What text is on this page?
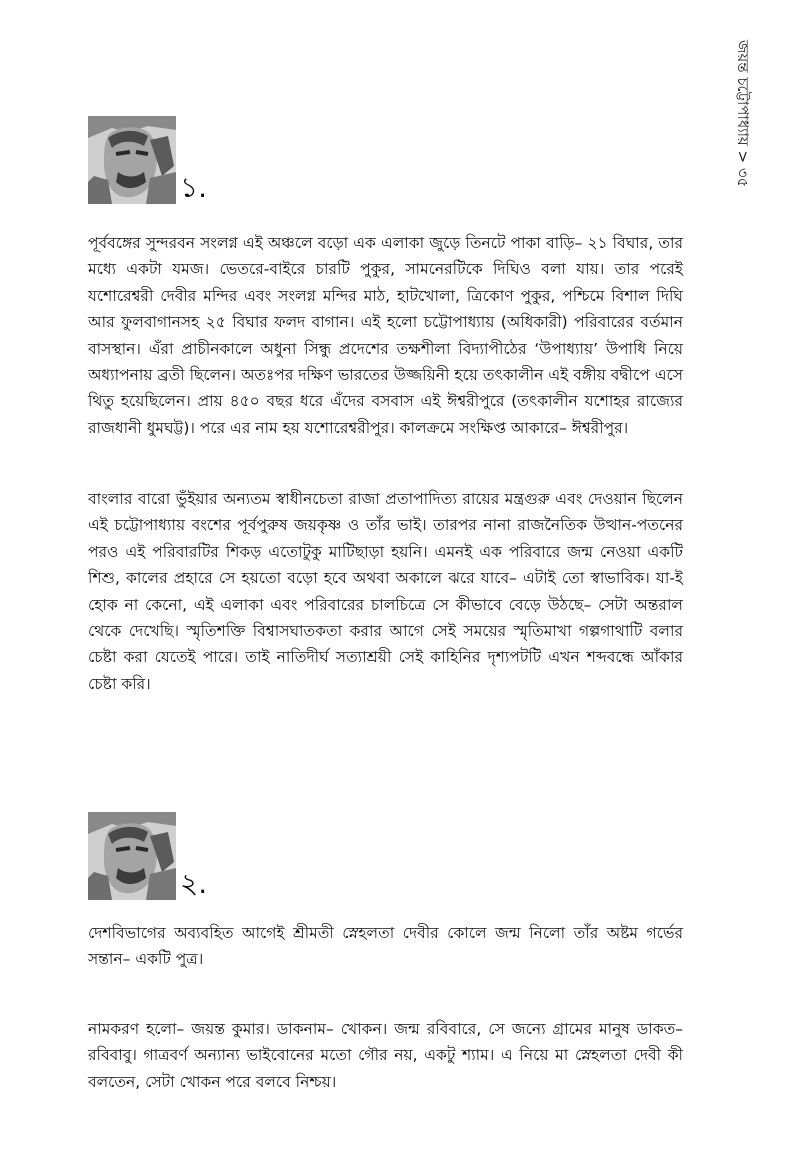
জয়ন্ত চট্টোপাধ্যায় > ৩৫
১.

পূর্ববঙ্গের সুন্দরবন সংলগ্ন এই অঞ্চলে বড়ো এক এলাকা জুড়ে তিনটে পাকা বাড়ি– ২১ বিঘার, তার মধ্যে একটা যমজ। ভেতরে-বাইরে চারটি পুকুর, সামনেরটিকে দিঘিও বলা যায়। তার পরেই যশোরেশ্বরী দেবীর মন্দির এবং সংলগ্ন মন্দির মাঠ, হাটখোলা, ত্রিকোণ পুকুর, পশ্চিমে বিশাল দিঘি আর ফুলবাগানসহ ২৫ বিঘার ফলদ বাগান। এই হলো চট্টোপাধ্যায় (অধিকারী) পরিবারের বর্তমান বাসস্থান। এঁরা প্রাচীনকালে অধুনা সিন্ধু প্রদেশের তক্ষশীলা বিদ্যাপীঠের ‘উপাধ্যায়’ উপাধি নিয়ে অধ্যাপনায় ব্রতী ছিলেন। অতঃপর দক্ষিণ ভারতের উজ্জয়িনী হয়ে তৎকালীন এই বঙ্গীয় বদ্বীপে এসে থিতু হয়েছিলেন। প্রায় ৪৫০ বছর ধরে এঁদের বসবাস এই ঈশ্বরীপুরে (তৎকালীন যশোহর রাজ্যের রাজধানী ধুমঘট্ট)। পরে এর নাম হয় যশোরেশ্বরীপুর। কালক্রমে সংক্ষিপ্ত আকারে– ঈশ্বরীপুর।

বাংলার বারো ভুঁইয়ার অন্যতম স্বাধীনচেতা রাজা প্রতাপাদিত্য রায়ের মন্ত্রগুরু এবং দেওয়ান ছিলেন এই চট্টোপাধ্যায় বংশের পূর্বপুরুষ জয়কৃষ্ণ ও তাঁর ভাই। তারপর নানা রাজনৈতিক উত্থান-পতনের পরও এই পরিবারটির শিকড় এতোটুকু মাটিছাড়া হয়নি। এমনই এক পরিবারে জন্ম নেওয়া একটি শিশু, কালের প্রহারে সে হয়তো বড়ো হবে অথবা অকালে ঝরে যাবে– এটাই তো স্বাভাবিক। যা-ই হোক না কেনো, এই এলাকা এবং পরিবারের চালচিত্রে সে কীভাবে বেড়ে উঠছে– সেটা অন্তরাল থেকে দেখেছি। স্মৃতিশক্তি বিশ্বাসঘাতকতা করার আগে সেই সময়ের স্মৃতিমাখা গল্পগাথাটি বলার চেষ্টা করা যেতেই পারে। তাই নাতিদীর্ঘ সত্যাশ্রয়ী সেই কাহিনির দৃশ্যপটটি এখন শব্দবন্ধে আঁকার চেষ্টা করি।

২.

দেশবিভাগের অব্যবহিত আগেই শ্রীমতী স্নেহলতা দেবীর কোলে জন্ম নিলো তাঁর অষ্টম গর্ভের সন্তান– একটি পুত্র।

নামকরণ হলো– জয়ন্ত কুমার। ডাকনাম– খোকন। জন্ম রবিবারে, সে জন্যে গ্রামের মানুষ ডাকত– রবিবাবু। গাত্রবর্ণ অন্যান্য ভাইবোনের মতো গৌর নয়, একটু শ্যাম। এ নিয়ে মা স্নেহলতা দেবী কী বলতেন, সেটা খোকন পরে বলবে নিশ্চয়।
